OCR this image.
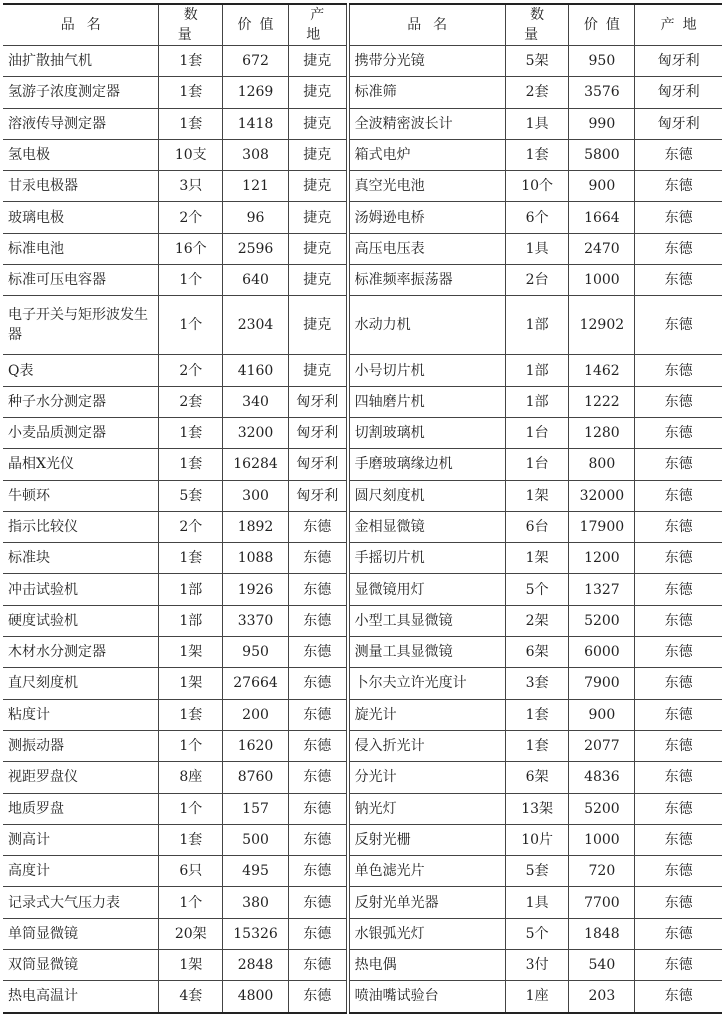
品名	数量	价值	产地
油扩散抽气机	1套	672	捷克
氢游子浓度测定器	1套	1269	捷克
溶液传导测定器	1套	1418	捷克
氢电极	10支	308	捷克
甘汞电极器	3只	121	捷克
玻璃电极	2个	96	捷克
标准电池	16个	2596	捷克
标准可压电容器	1个	640	捷克
电子开关与矩形波发生器	1个	2304	捷克
Q表	2个	4160	捷克
种子水分测定器	2套	340	匈牙利
小麦品质测定器	1套	3200	匈牙利
晶相X光仪	1套	16284	匈牙利
牛顿环	5套	300	匈牙利
指示比较仪	2个	1892	东德
标准块	1套	1088	东德
冲击试验机	1部	1926	东德
硬度试验机	1部	3370	东德
木材水分测定器	1架	950	东德
直尺刻度机	1架	27664	东德
粘度计	1套	200	东德
测振动器	1个	1620	东德
视距罗盘仪	8座	8760	东德
地质罗盘	1个	157	东德
测高计	1套	500	东德
高度计	6只	495	东德
记录式大气压力表	1个	380	东德
单筒显微镜	20架	15326	东德
双筒显微镜	1架	2848	东德
热电高温计	4套	4800	东德
品名	数量	价值	产地
携带分光镜	5架	950	匈牙利
标准筛	2套	3576	匈牙利
全波精密波长计	1具	990	匈牙利
箱式电炉	1套	5800	东德
真空光电池	10个	900	东德
汤姆逊电桥	6个	1664	东德
高压电压表	1具	2470	东德
标准频率振荡器	2台	1000	东德
水动力机	1部	12902	东德
小号切片机	1部	1462	东德
四轴磨片机	1部	1222	东德
切割玻璃机	1台	1280	东德
手磨玻璃缘边机	1台	800	东德
圆尺刻度机	1架	32000	东德
金相显微镜	6台	17900	东德
手摇切片机	1架	1200	东德
显微镜用灯	5个	1327	东德
小型工具显微镜	2架	5200	东德
测量工具显微镜	6架	6000	东德
卜尔夫立许光度计	3套	7900	东德
旋光计	1套	900	东德
侵入折光计	1套	2077	东德
分光计	6架	4836	东德
钠光灯	13架	5200	东德
反射光栅	10片	1000	东德
单色滤光片	5套	720	东德
反射光单光器	1具	7700	东德
水银弧光灯	5个	1848	东德
热电偶	3付	540	东德
喷油嘴试验台	1座	203	东德
